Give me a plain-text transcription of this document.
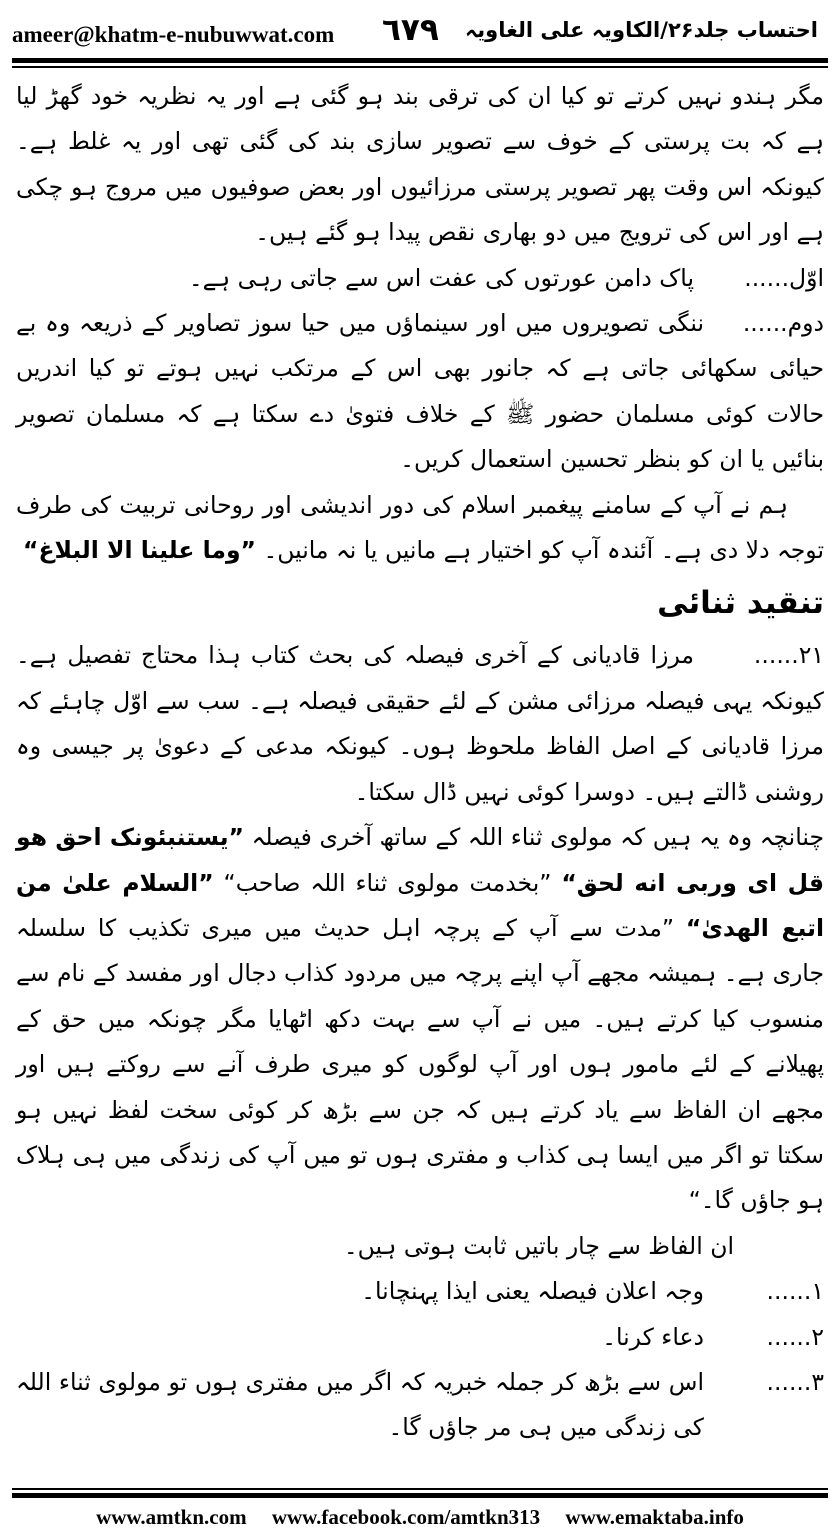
ameer@khatm-e-nubuwwat.com ٦٧٩ احتساب جلد۲۶/الکاویہ علی الغاویہ

مگر ہندو نہیں کرتے تو کیا ان کی ترقی بند ہو گئی ہے اور یہ نظریہ خود گھڑ لیا ہے کہ بت پرستی کے خوف سے تصویر سازی بند کی گئی تھی اور یہ غلط ہے۔ کیونکہ اس وقت پھر تصویر پرستی مرزائیوں اور بعض صوفیوں میں مروج ہو چکی ہے اور اس کی ترویج میں دو بھاری نقص پیدا ہو گئے ہیں۔

اوّل......
پاک دامن عورتوں کی عفت اس سے جاتی رہی ہے۔

دوم......ننگی تصویروں میں اور سینماؤں میں حیا سوز تصاویر کے ذریعہ وہ بے حیائی سکھائی جاتی ہے کہ جانور بھی اس کے مرتکب نہیں ہوتے تو کیا اندریں حالات کوئی مسلمان حضور ﷺ کے خلاف فتویٰ دے سکتا ہے کہ مسلمان تصویر بنائیں یا ان کو بنظر تحسین استعمال کریں۔

ہم نے آپ کے سامنے پیغمبر اسلام کی دور اندیشی اور روحانی تربیت کی طرف توجہ دلا دی ہے۔ آئندہ آپ کو اختیار ہے مانیں یا نہ مانیں۔ ”وما علینا الا البلاغ“

تنقید ثنائی

۲۱......مرزا قادیانی کے آخری فیصلہ کی بحث کتاب ہذا محتاج تفصیل ہے۔ کیونکہ یہی فیصلہ مرزائی مشن کے لئے حقیقی فیصلہ ہے۔ سب سے اوّل چاہئے کہ مرزا قادیانی کے اصل الفاظ ملحوظ ہوں۔ کیونکہ مدعی کے دعویٰ پر جیسی وہ روشنی ڈالتے ہیں۔ دوسرا کوئی نہیں ڈال سکتا۔

چنانچہ وہ یہ ہیں کہ مولوی ثناء اللہ کے ساتھ آخری فیصلہ ”یستنبئونک احق هو قل ای وربی انه لحق“ ”بخدمت مولوی ثناء اللہ صاحب“ ”السلام علیٰ من اتبع الهدیٰ“ ”مدت سے آپ کے پرچہ اہل حدیث میں میری تکذیب کا سلسلہ جاری ہے۔ ہمیشہ مجھے آپ اپنے پرچہ میں مردود کذاب دجال اور مفسد کے نام سے منسوب کیا کرتے ہیں۔ میں نے آپ سے بہت دکھ اٹھایا مگر چونکہ میں حق کے پھیلانے کے لئے مامور ہوں اور آپ لوگوں کو میری طرف آنے سے روکتے ہیں اور مجھے ان الفاظ سے یاد کرتے ہیں کہ جن سے بڑھ کر کوئی سخت لفظ نہیں ہو سکتا تو اگر میں ایسا ہی کذاب و مفتری ہوں تو میں آپ کی زندگی میں ہی ہلاک ہو جاؤں گا۔“

ان الفاظ سے چار باتیں ثابت ہوتی ہیں۔

۱......
وجہ اعلان فیصلہ یعنی ایذا پہنچانا۔

۲......
دعاء کرنا۔

۳......
اس سے بڑھ کر جملہ خبریہ کہ اگر میں مفتری ہوں تو مولوی ثناء اللہ کی زندگی میں ہی مر جاؤں گا۔

www.amtkn.com www.facebook.com/amtkn313 www.emaktaba.info
